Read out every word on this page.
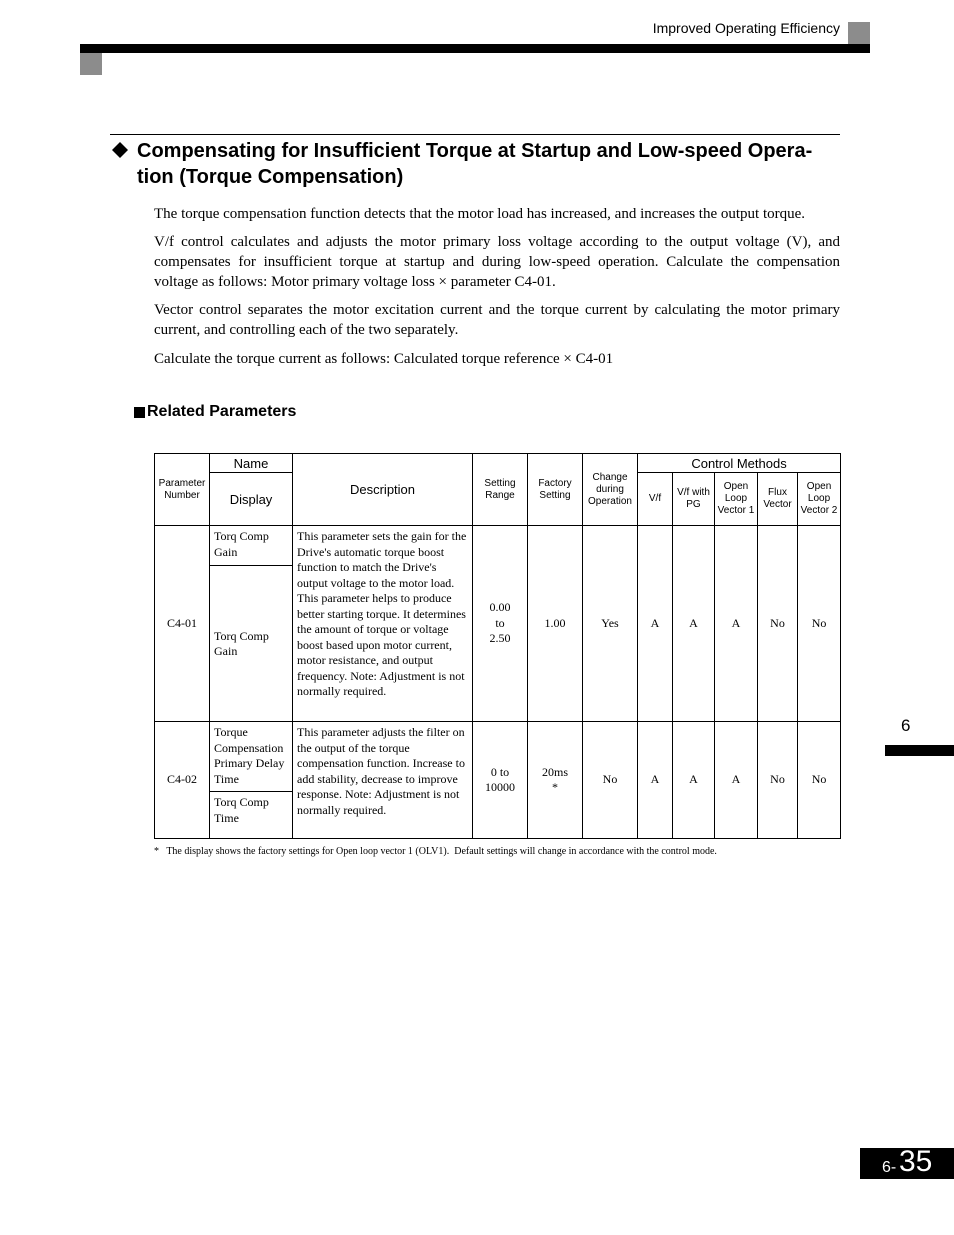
Improved Operating Efficiency
Compensating for Insufficient Torque at Startup and Low-speed Opera-
tion (Torque Compensation)
The torque compensation function detects that the motor load has increased, and increases the output torque.
V/f control calculates and adjusts the motor primary loss voltage according to the output voltage (V), and compensates for insufficient torque at startup and during low-speed operation. Calculate the compensation voltage as follows: Motor primary voltage loss × parameter C4-01.
Vector control separates the motor excitation current and the torque current by calculating the motor primary current, and controlling each of the two separately.
Calculate the torque current as follows: Calculated torque reference × C4-01
Related Parameters
Parameter Number	Name	Description	Setting Range	Factory Setting	Change during Operation	Control Methods				
	Display					V/f	V/f with PG	Open Loop Vector 1	Flux Vector	Open Loop Vector 2
C4-01	Torq Comp Gain	This parameter sets the gain for the Drive's automatic torque boost function to match the Drive's output voltage to the motor load. This parameter helps to produce better starting torque. It determines the amount of torque or voltage boost based upon motor current, motor resistance, and output frequency. Note: Adjustment is not normally required.	0.00 to 2.50	1.00	Yes	A	A	A	No	No
	Torq Comp Gain									
C4-02	Torque Compensation Primary Delay Time	This parameter adjusts the filter on the output of the torque compensation function. Increase to add stability, decrease to improve response. Note: Adjustment is not normally required.	0 to 10000	20ms *	No	A	A	A	No	No
	Torq Comp Time									
*   The display shows the factory settings for Open loop vector 1 (OLV1).  Default settings will change in accordance with the control mode.
6
6- 35
